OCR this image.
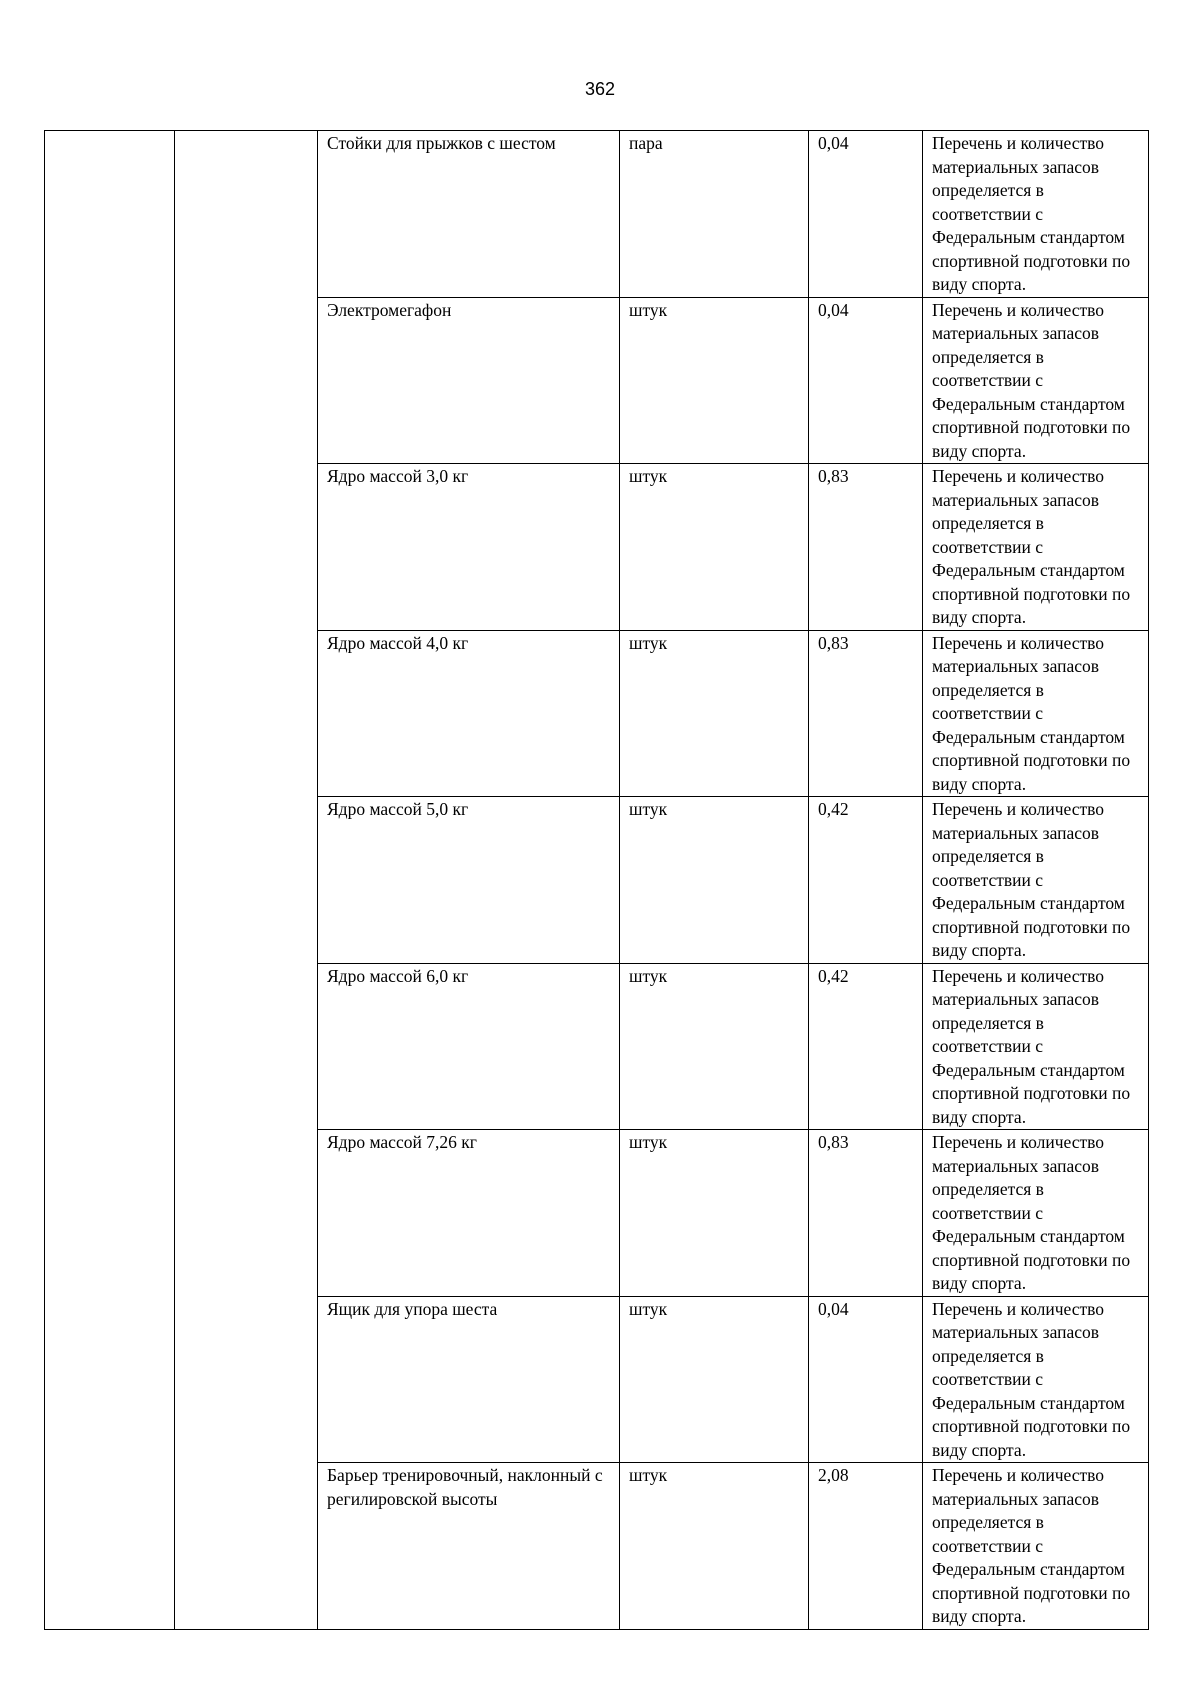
362
		Стойки для прыжков с шестом	пара	0,04	Перечень и количество материальных запасов определяется в соответствии с Федеральным стандартом спортивной подготовки по виду спорта.
		Электромегафон	штук	0,04	Перечень и количество материальных запасов определяется в соответствии с Федеральным стандартом спортивной подготовки по виду спорта.
		Ядро массой 3,0 кг	штук	0,83	Перечень и количество материальных запасов определяется в соответствии с Федеральным стандартом спортивной подготовки по виду спорта.
		Ядро массой 4,0 кг	штук	0,83	Перечень и количество материальных запасов определяется в соответствии с Федеральным стандартом спортивной подготовки по виду спорта.
		Ядро массой 5,0 кг	штук	0,42	Перечень и количество материальных запасов определяется в соответствии с Федеральным стандартом спортивной подготовки по виду спорта.
		Ядро массой 6,0 кг	штук	0,42	Перечень и количество материальных запасов определяется в соответствии с Федеральным стандартом спортивной подготовки по виду спорта.
		Ядро массой 7,26 кг	штук	0,83	Перечень и количество материальных запасов определяется в соответствии с Федеральным стандартом спортивной подготовки по виду спорта.
		Ящик для упора шеста	штук	0,04	Перечень и количество материальных запасов определяется в соответствии с Федеральным стандартом спортивной подготовки по виду спорта.
		Барьер тренировочный, наклонный с регилировской высоты	штук	2,08	Перечень и количество материальных запасов определяется в соответствии с Федеральным стандартом спортивной подготовки по виду спорта.
